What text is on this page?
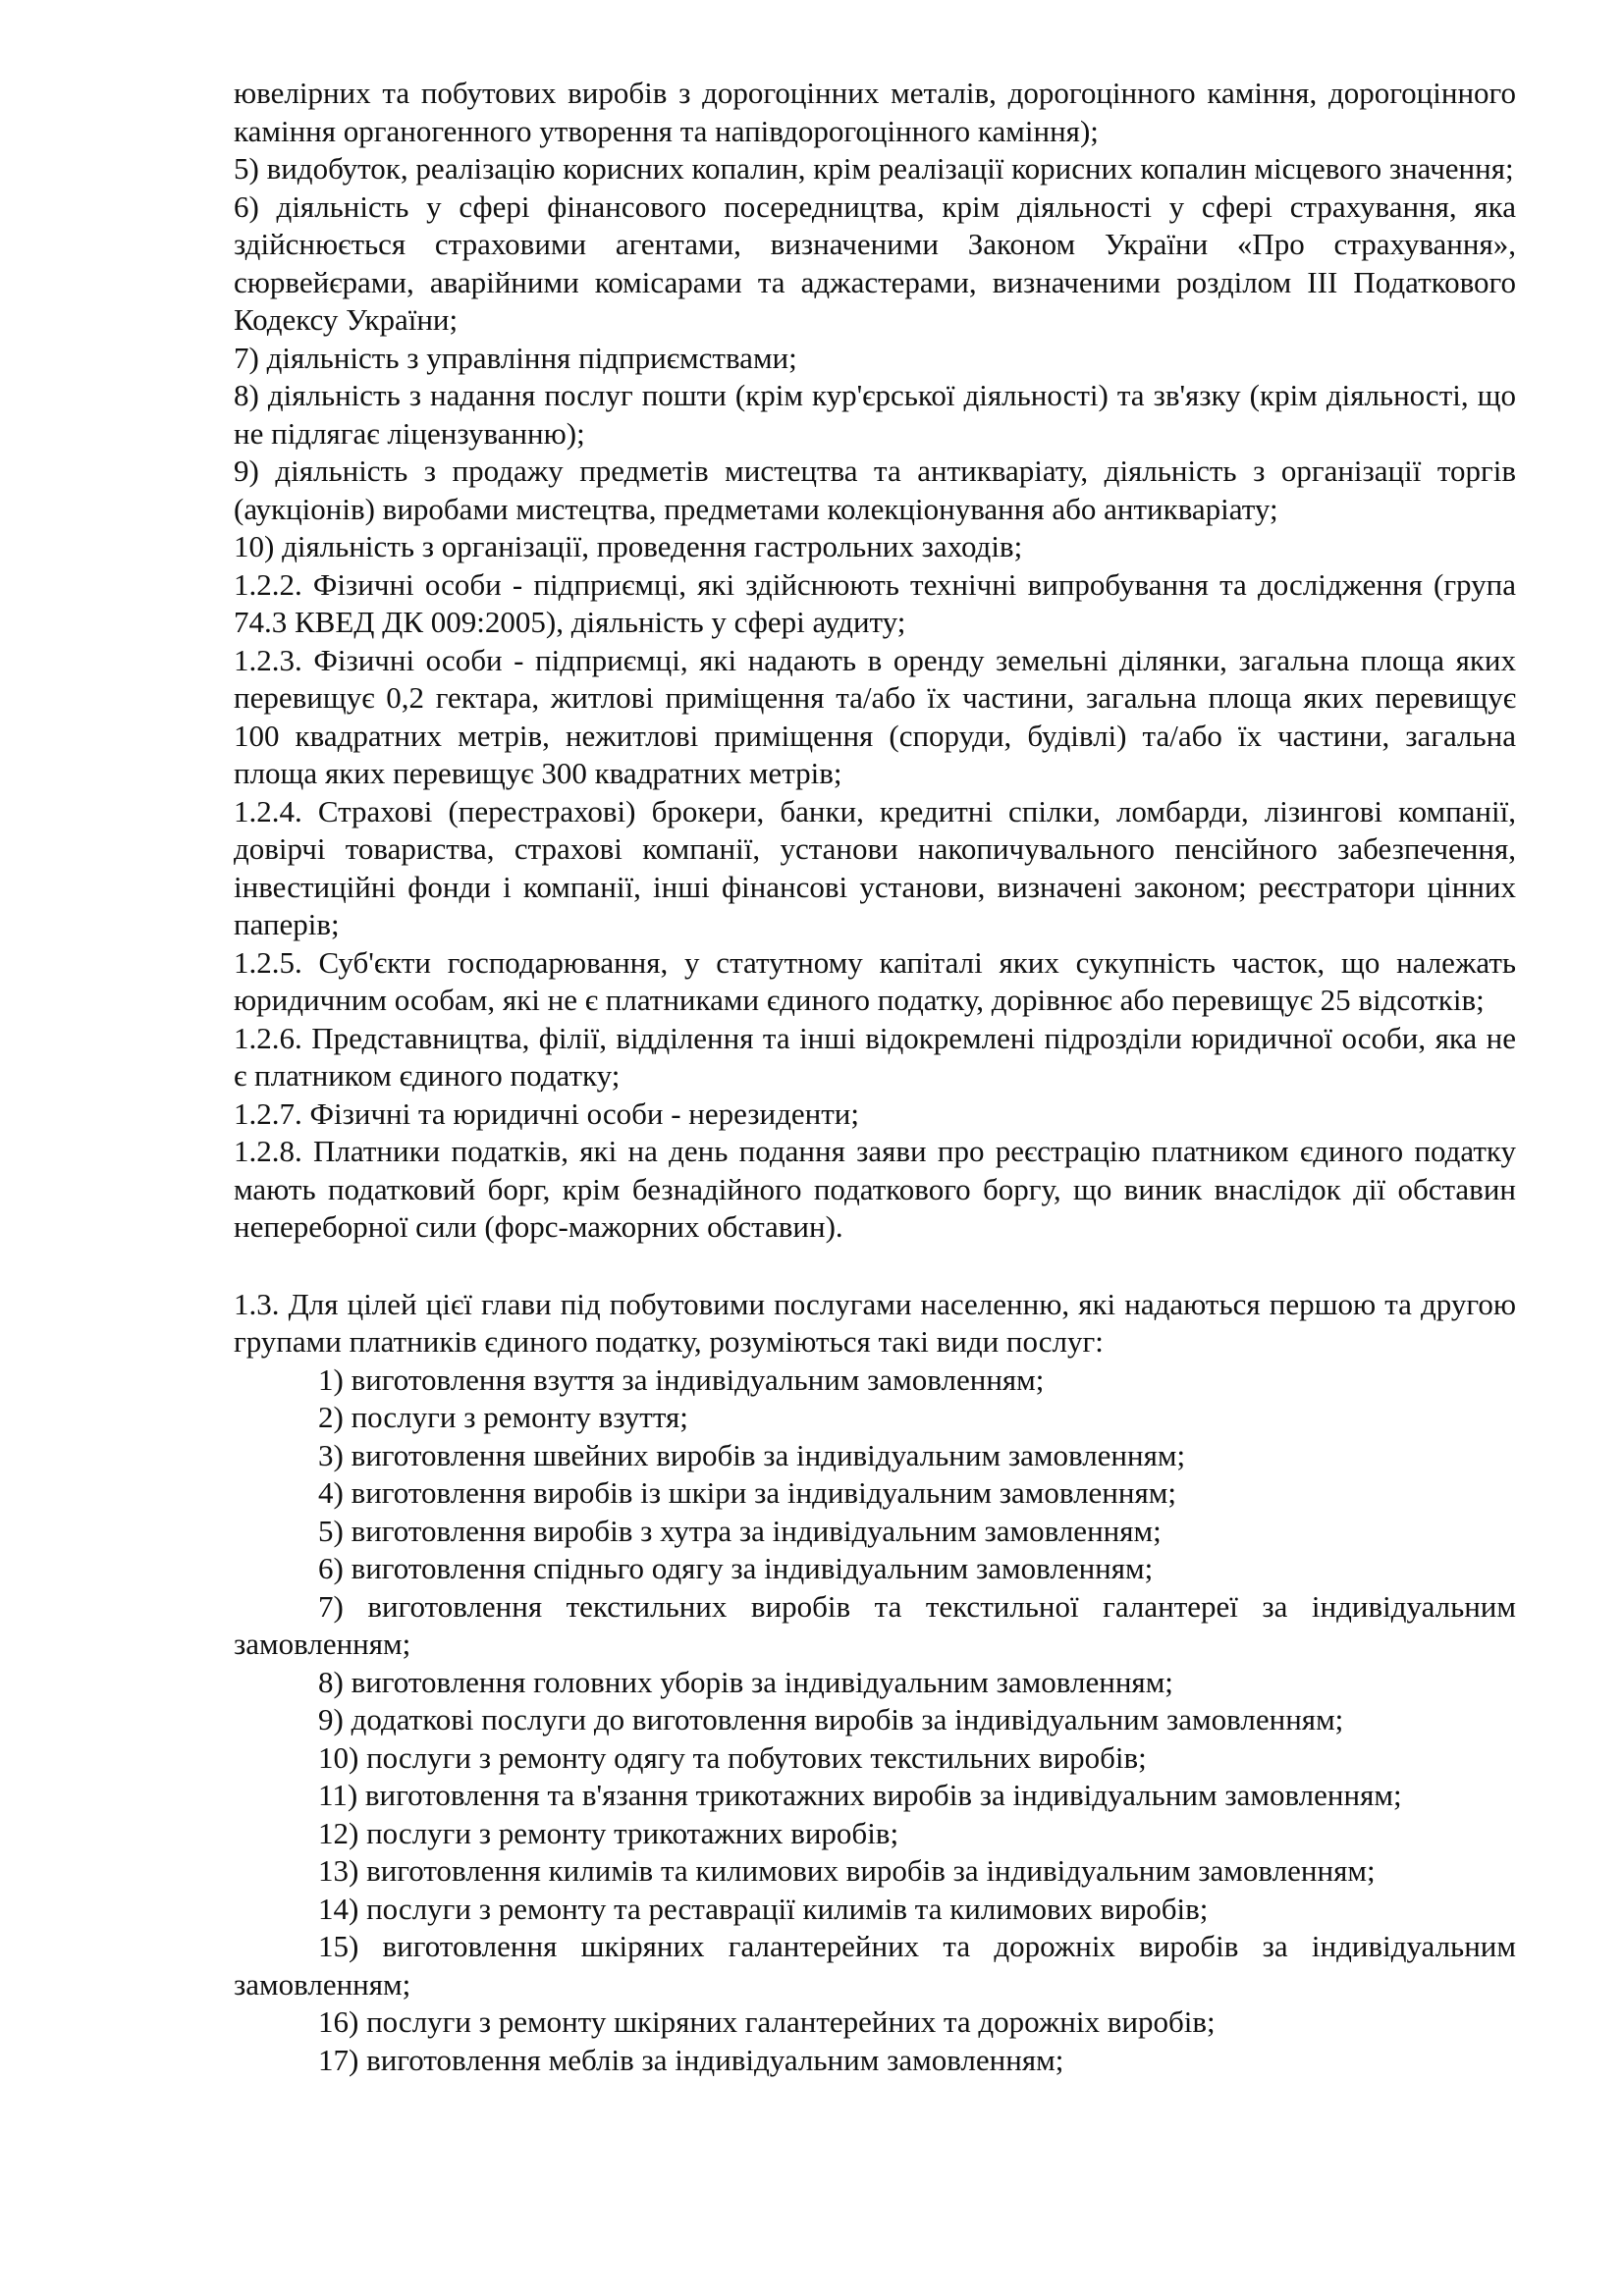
ювелірних та побутових виробів з дорогоцінних металів, дорогоцінного каміння, дорогоцінного каміння органогенного утворення та напівдорогоцінного каміння);

5) видобуток, реалізацію корисних копалин, крім реалізації корисних копалин місцевого значення;

6) діяльність у сфері фінансового посередництва, крім діяльності у сфері страхування, яка здійснюється страховими агентами, визначеними Законом України «Про страхування», сюрвейєрами, аварійними комісарами та аджастерами, визначеними розділом III Податкового Кодексу України;

7) діяльність з управління підприємствами;

8) діяльність з надання послуг пошти (крім кур'єрської діяльності) та зв'язку (крім діяльності, що не підлягає ліцензуванню);

9) діяльність з продажу предметів мистецтва та антикваріату, діяльність з організації торгів (аукціонів) виробами мистецтва, предметами колекціонування або антикваріату;

10) діяльність з організації, проведення гастрольних заходів;

1.2.2. Фізичні особи - підприємці, які здійснюють технічні випробування та дослідження (група 74.3 КВЕД ДК 009:2005), діяльність у сфері аудиту;

1.2.3. Фізичні особи - підприємці, які надають в оренду земельні ділянки, загальна площа яких перевищує 0,2 гектара, житлові приміщення та/або їх частини, загальна площа яких перевищує 100 квадратних метрів, нежитлові приміщення (споруди, будівлі) та/або їх частини, загальна площа яких перевищує 300 квадратних метрів;

1.2.4. Страхові (перестрахові) брокери, банки, кредитні спілки, ломбарди, лізингові компанії, довірчі товариства, страхові компанії, установи накопичувального пенсійного забезпечення, інвестиційні фонди і компанії, інші фінансові установи, визначені законом; реєстратори цінних паперів;

1.2.5. Суб'єкти господарювання, у статутному капіталі яких сукупність часток, що належать юридичним особам, які не є платниками єдиного податку, дорівнює або перевищує 25 відсотків;

1.2.6. Представництва, філії, відділення та інші відокремлені підрозділи юридичної особи, яка не є платником єдиного податку;

1.2.7. Фізичні та юридичні особи - нерезиденти;

1.2.8. Платники податків, які на день подання заяви про реєстрацію платником єдиного податку мають податковий борг, крім безнадійного податкового боргу, що виник внаслідок дії обставин непереборної сили (форс-мажорних обставин).

1.3. Для цілей цієї глави під побутовими послугами населенню, які надаються першою та другою групами платників єдиного податку, розуміються такі види послуг:

1) виготовлення взуття за індивідуальним замовленням;

2) послуги з ремонту взуття;

3) виготовлення швейних виробів за індивідуальним замовленням;

4) виготовлення виробів із шкіри за індивідуальним замовленням;

5) виготовлення виробів з хутра за індивідуальним замовленням;

6) виготовлення спідньго одягу за індивідуальним замовленням;

7) виготовлення текстильних виробів та текстильної галантереї за індивідуальним замовленням;

8) виготовлення головних уборів за індивідуальним замовленням;

9) додаткові послуги до виготовлення виробів за індивідуальним замовленням;

10) послуги з ремонту одягу та побутових текстильних виробів;

11) виготовлення та в'язання трикотажних виробів за індивідуальним замовленням;

12) послуги з ремонту трикотажних виробів;

13) виготовлення килимів та килимових виробів за індивідуальним замовленням;

14) послуги з ремонту та реставрації килимів та килимових виробів;

15) виготовлення шкіряних галантерейних та дорожніх виробів за індивідуальним замовленням;

16) послуги з ремонту шкіряних галантерейних та дорожніх виробів;

17) виготовлення меблів за індивідуальним замовленням;
